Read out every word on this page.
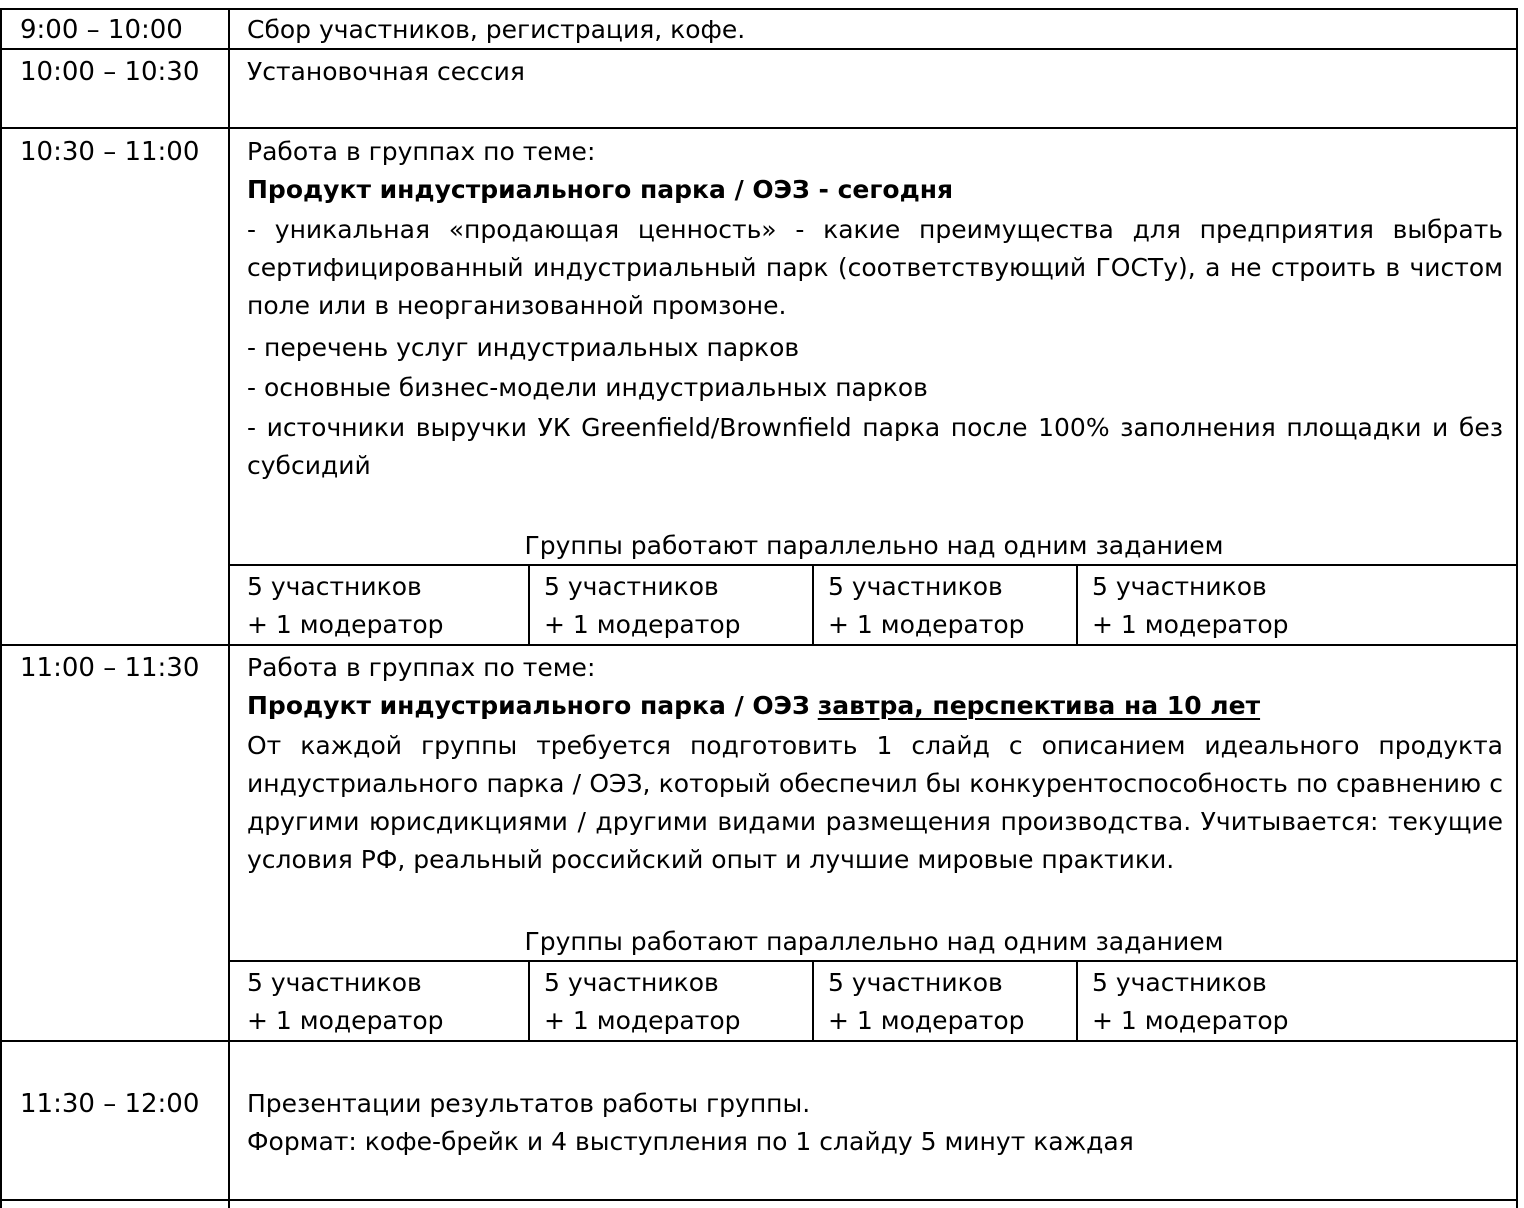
9:00 – 10:00	Сбор участников, регистрация, кофе.
10:00 – 10:30 Установочная сессия
10:30 – 11:00 Работа в группах по теме:
Продукт индустриального парка / ОЭЗ - сегодня
- уникальная «продающая ценность» - какие преимущества для предприятия выбрать сертифицированный индустриальный парк (соответствующий ГОСТу), а не строить в чистом поле или в неорганизованной промзоне.
- перечень услуг индустриальных парков
- основные бизнес-модели индустриальных парков
- источники выручки УК Greenfield/Brownfield парка после 100% заполнения площадки и без субсидий
Группы работают параллельно над одним заданием
5 участников
+ 1 модератор
5 участников
+ 1 модератор
5 участников
+ 1 модератор
5 участников
+ 1 модератор
11:00 – 11:30 Работа в группах по теме:
Продукт индустриального парка / ОЭЗ завтра, перспектива на 10 лет
От каждой группы требуется подготовить 1 слайд с описанием идеального продукта индустриального парка / ОЭЗ, который обеспечил бы конкурентоспособность по сравнению с другими юрисдикциями / другими видами размещения производства. Учитывается: текущие условия РФ, реальный российский опыт и лучшие мировые практики.
Группы работают параллельно над одним заданием
5 участников
+ 1 модератор
5 участников
+ 1 модератор
5 участников
+ 1 модератор
5 участников
+ 1 модератор
11:30 – 12:00 Презентации результатов работы группы.
Формат: кофе-брейк и 4 выступления по 1 слайду 5 минут каждая
